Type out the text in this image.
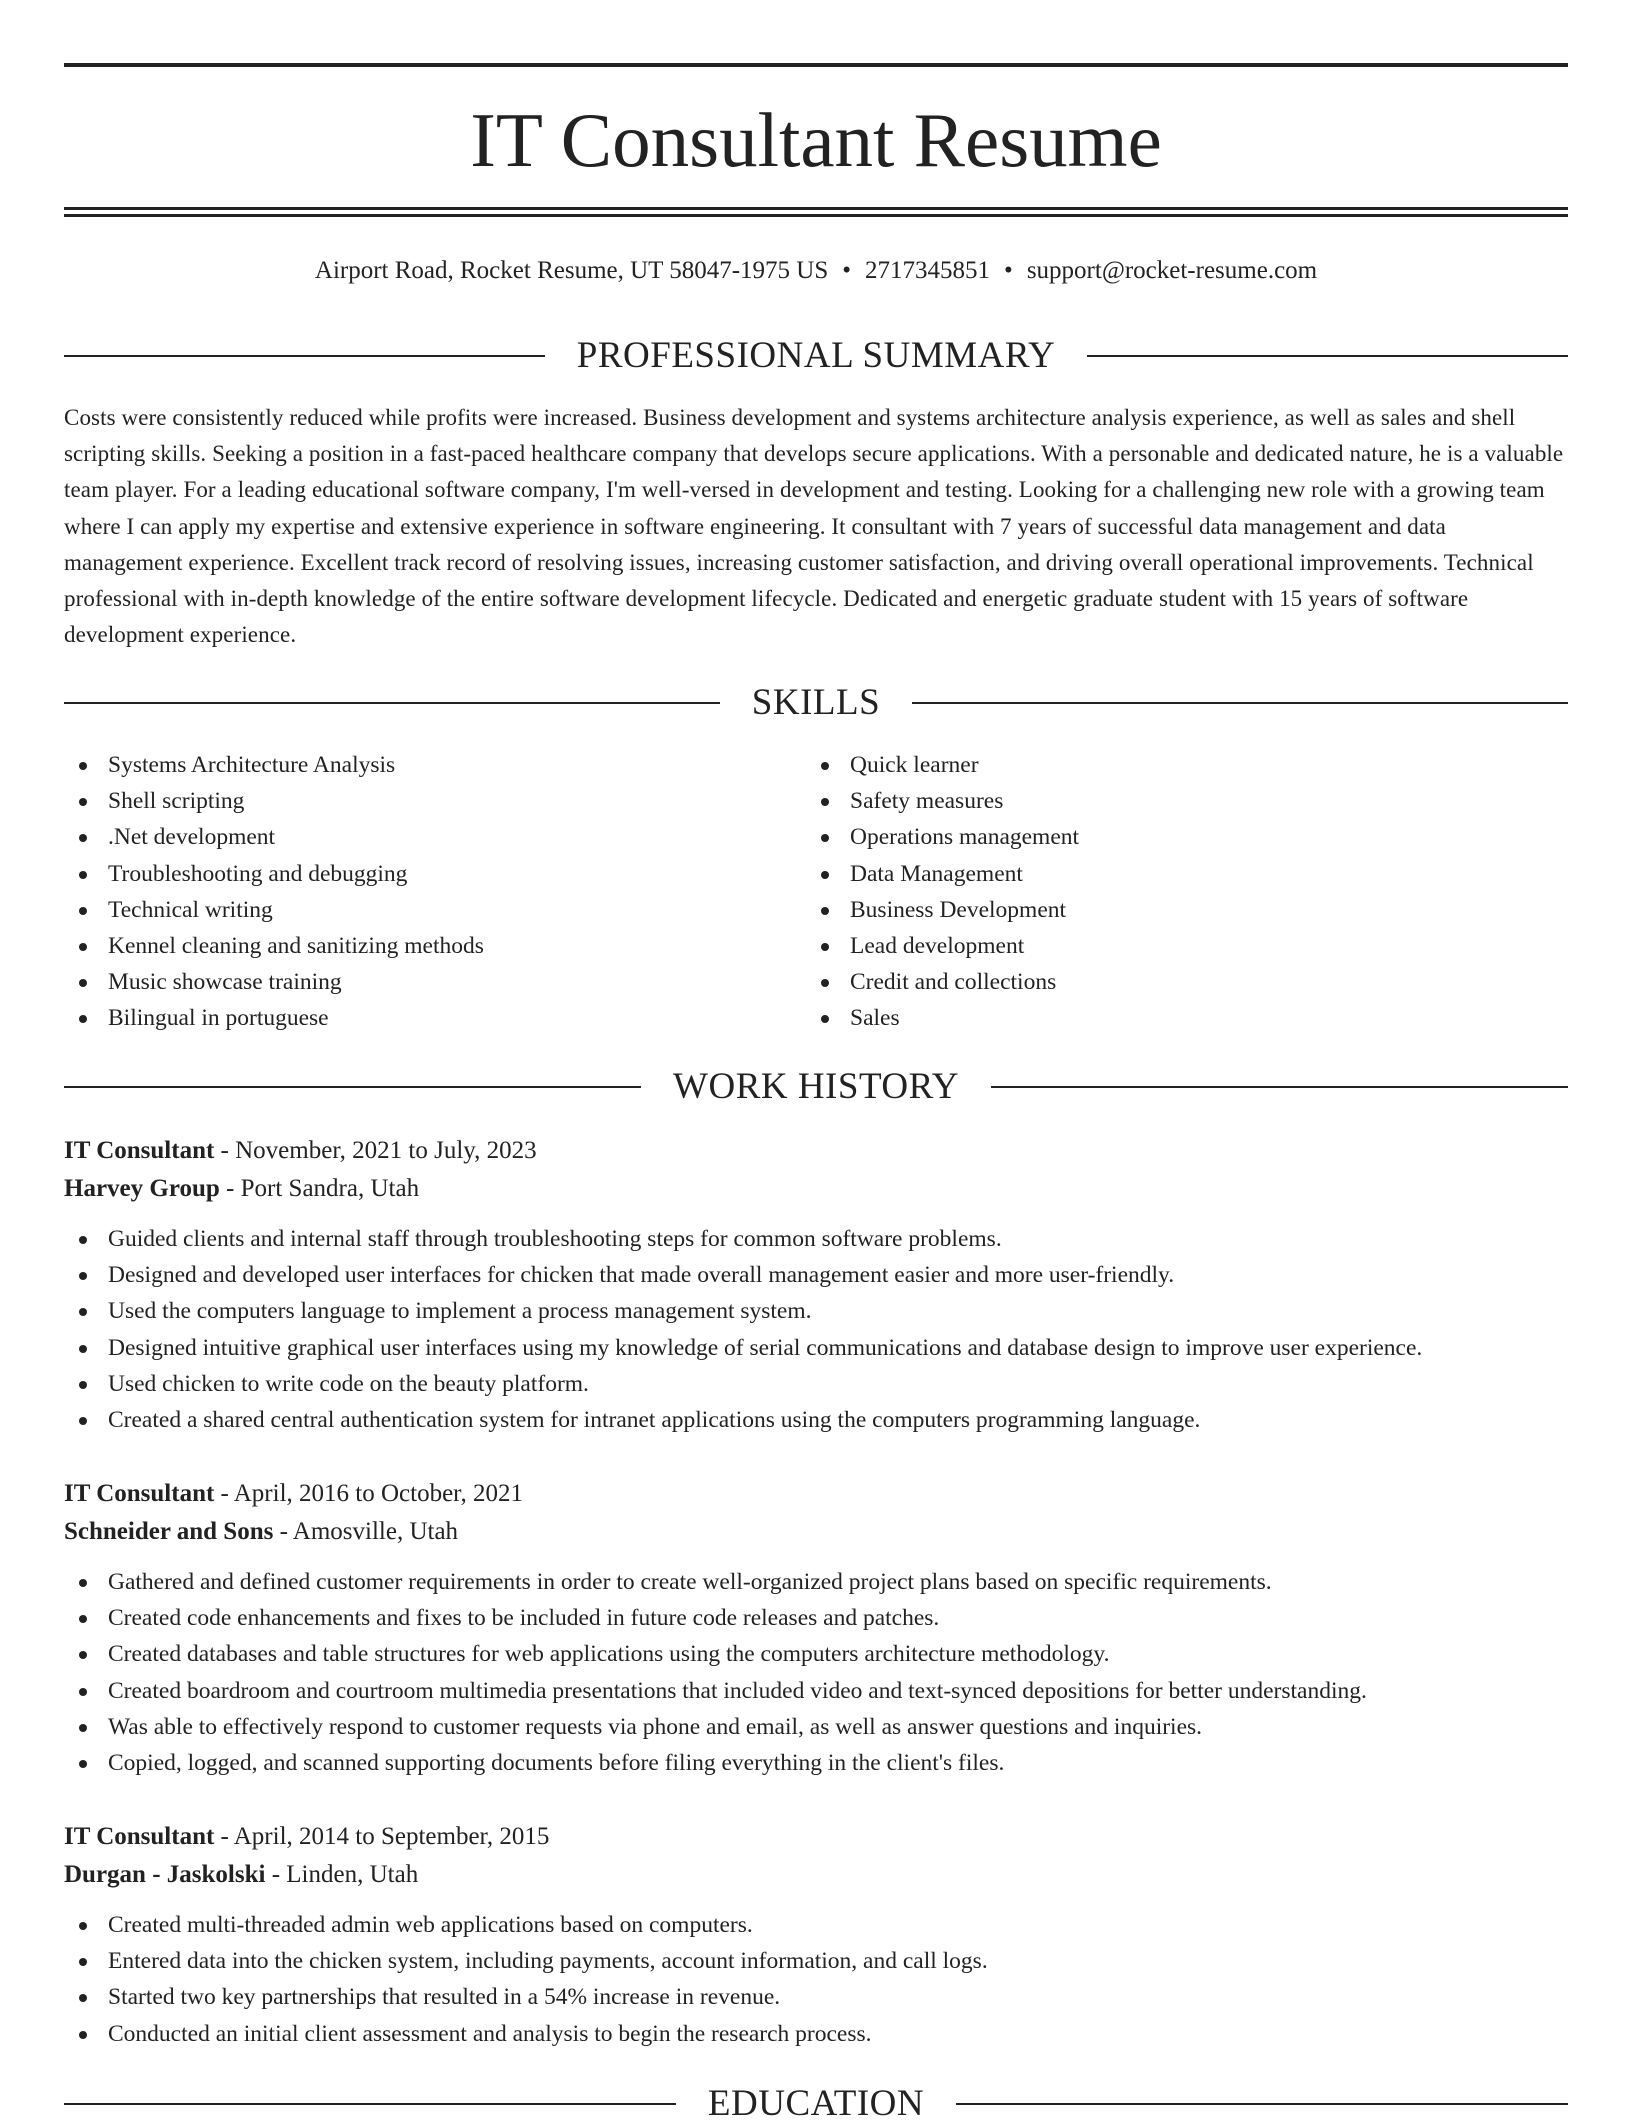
IT Consultant Resume
Airport Road, Rocket Resume, UT 58047-1975 US • 2717345851 • support@rocket-resume.com
PROFESSIONAL SUMMARY

Costs were consistently reduced while profits were increased. Business development and systems architecture analysis experience, as well as sales and shell scripting skills. Seeking a position in a fast-paced healthcare company that develops secure applications. With a personable and dedicated nature, he is a valuable team player. For a leading educational software company, I'm well-versed in development and testing. Looking for a challenging new role with a growing team where I can apply my expertise and extensive experience in software engineering. It consultant with 7 years of successful data management and data management experience. Excellent track record of resolving issues, increasing customer satisfaction, and driving overall operational improvements. Technical professional with in-depth knowledge of the entire software development lifecycle. Dedicated and energetic graduate student with 15 years of software development experience.

SKILLS
Systems Architecture Analysis
Shell scripting
.Net development
Troubleshooting and debugging
Technical writing
Kennel cleaning and sanitizing methods
Music showcase training
Bilingual in portuguese
Quick learner
Safety measures
Operations management
Data Management
Business Development
Lead development
Credit and collections
Sales
WORK HISTORY
IT Consultant - November, 2021 to July, 2023
Harvey Group - Port Sandra, Utah
Guided clients and internal staff through troubleshooting steps for common software problems.
Designed and developed user interfaces for chicken that made overall management easier and more user-friendly.
Used the computers language to implement a process management system.
Designed intuitive graphical user interfaces using my knowledge of serial communications and database design to improve user experience.
Used chicken to write code on the beauty platform.
Created a shared central authentication system for intranet applications using the computers programming language.
IT Consultant - April, 2016 to October, 2021
Schneider and Sons - Amosville, Utah
Gathered and defined customer requirements in order to create well-organized project plans based on specific requirements.
Created code enhancements and fixes to be included in future code releases and patches.
Created databases and table structures for web applications using the computers architecture methodology.
Created boardroom and courtroom multimedia presentations that included video and text-synced depositions for better understanding.
Was able to effectively respond to customer requests via phone and email, as well as answer questions and inquiries.
Copied, logged, and scanned supporting documents before filing everything in the client's files.
IT Consultant - April, 2014 to September, 2015
Durgan - Jaskolski - Linden, Utah
Created multi-threaded admin web applications based on computers.
Entered data into the chicken system, including payments, account information, and call logs.
Started two key partnerships that resulted in a 54% increase in revenue.
Conducted an initial client assessment and analysis to begin the research process.
EDUCATION
